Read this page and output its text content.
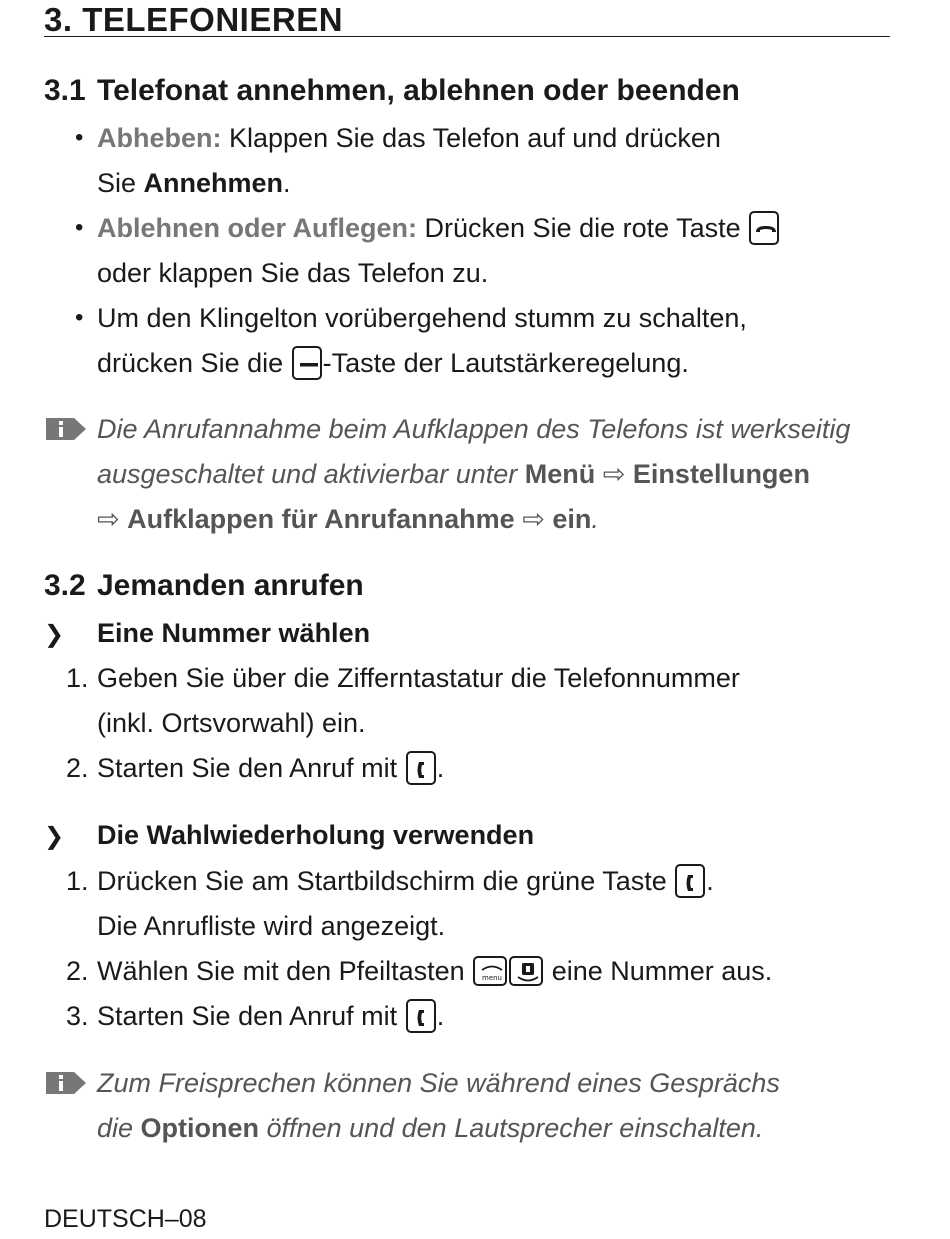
3. TELEFONIEREN
3.1 Telefonat annehmen, ablehnen oder beenden
• Abheben: Klappen Sie das Telefon auf und drücken
Sie Annehmen.
• Ablehnen oder Auflegen: Drücken Sie die rote Taste
oder klappen Sie das Telefon zu.
• Um den Klingelton vorübergehend stumm zu schalten,
drücken Sie die
-Taste der Lautstärkeregelung.
Die Anrufannahme beim Aufklappen des Telefons ist werkseitig
ausgeschaltet und aktivierbar unter Menü ⇨ Einstellungen
⇨ Aufklappen für Anrufannahme ⇨ ein.
3.2 Jemanden anrufen
❯ Eine Nummer wählen
1. Geben Sie über die Zifferntastatur die Telefonnummer
(inkl. Ortsvorwahl) ein.
2. Starten Sie den Anruf mit .
❯ Die Wahlwiederholung verwenden
1. Drücken Sie am Startbildschirm die grüne Taste .
Die Anrufliste wird angezeigt.
2. Wählen Sie mit den Pfeiltasten	menu eine Nummer aus.
3. Starten Sie den Anruf mit .
Zum Freisprechen können Sie während eines Gesprächs
die Optionen öffnen und den Lautsprecher einschalten.
DEUTSCH–08
